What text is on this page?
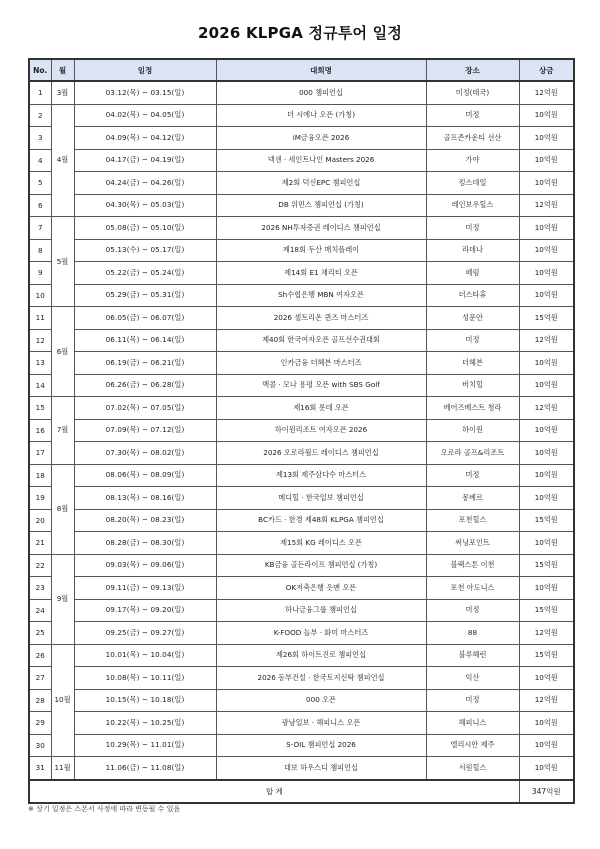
2026 KLPGA 정규투어 일정
No.	월	일정	대회명	장소	상금
1	3월	03.12(목) ~ 03.15(일)	000 챔피언십	미정(태국)	12억원
2	4월	04.02(목) ~ 04.05(일)	더 시에나 오픈 (가칭)	미정	10억원
3		04.09(목) ~ 04.12(일)	iM금융오픈 2026	골프존카운티 선산	10억원
4		04.17(금) ~ 04.19(일)	넥센 · 세인트나인 Masters 2026	가야	10억원
5		04.24(금) ~ 04.26(일)	제2회 덕신EPC 챔피언십	킹스데일	10억원
6		04.30(목) ~ 05.03(일)	DB 위민스 챔피언십 (가칭)	레인보우힐스	12억원
7	5월	05.08(금) ~ 05.10(일)	2026 NH투자증권 레이디스 챔피언십	미정	10억원
8		05.13(수) ~ 05.17(일)	제18회 두산 매치플레이	라데나	10억원
9		05.22(금) ~ 05.24(일)	제14회 E1 채리티 오픈	페럼	10억원
10		05.29(금) ~ 05.31(일)	Sh수협은행 MBN 여자오픈	더스타휴	10억원
11	6월	06.05(금) ~ 06.07(일)	2026 셀트리온 퀸즈 마스터즈	성문안	15억원
12		06.11(목) ~ 06.14(일)	제40회 한국여자오픈 골프선수권대회	미정	12억원
13		06.19(금) ~ 06.21(일)	인카금융 더헤븐 마스터즈	더헤븐	10억원
14		06.26(금) ~ 06.28(일)	맥콜 · 모나 용평 오픈 with SBS Golf	버치힐	10억원
15	7월	07.02(목) ~ 07.05(일)	제16회 롯데 오픈	베어즈베스트 청라	12억원
16		07.09(목) ~ 07.12(일)	하이원리조트 여자오픈 2026	하이원	10억원
17		07.30(목) ~ 08.02(일)	2026 오로라월드 레이디스 챔피언십	오로라 골프&리조트	10억원
18	8월	08.06(목) ~ 08.09(일)	제13회 제주삼다수 마스터스	미정	10억원
19		08.13(목) ~ 08.16(일)	메디힐 · 한국일보 챔피언십	몽베르	10억원
20		08.20(목) ~ 08.23(일)	BC카드 · 한경 제48회 KLPGA 챔피언십	포천힐스	15억원
21		08.28(금) ~ 08.30(일)	제15회 KG 레이디스 오픈	써닝포인트	10억원
22	9월	09.03(목) ~ 09.06(일)	KB금융 골든라이프 챔피언십 (가칭)	블랙스톤 이천	15억원
23		09.11(금) ~ 09.13(일)	OK저축은행 읏맨 오픈	포천 아도니스	10억원
24		09.17(목) ~ 09.20(일)	하나금융그룹 챔피언십	미정	15억원
25		09.25(금) ~ 09.27(일)	K-FOOD 놀부 · 화미 마스터즈	88	12억원
26	10월	10.01(목) ~ 10.04(일)	제26회 하이트진로 챔피언십	블루헤런	15억원
27		10.08(목) ~ 10.11(일)	2026 동부건설 · 한국토지신탁 챔피언십	익산	10억원
28		10.15(목) ~ 10.18(일)	000 오픈	미정	12억원
29		10.22(목) ~ 10.25(일)	광남일보 · 해피니스 오픈	해피니스	10억원
30		10.29(목) ~ 11.01(일)	S-OIL 챔피언십 2026	엘리시안 제주	10억원
31	11월	11.06(금) ~ 11.08(일)	대보 하우스디 챔피언십	서원힐스	10억원
합 계					347억원
※ 상기 일정은 스폰서 사정에 따라 변동될 수 있음
